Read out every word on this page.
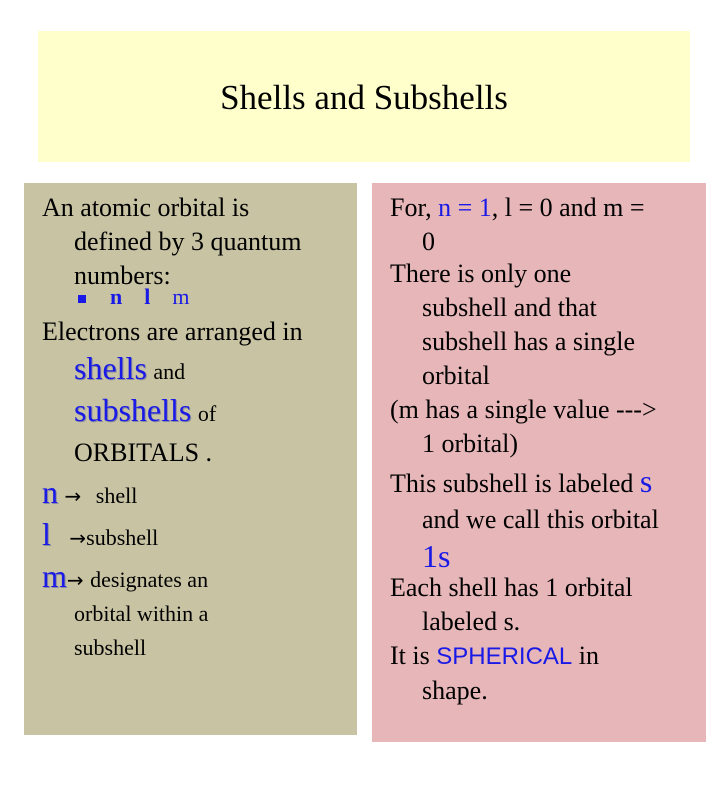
Shells and Subshells
An atomic orbital is
defined by 3 quantum
numbers:
n l m
Electrons are arranged in
shells and
subshells of
ORBITALS .
n → shell
l →subshell
m→ designates an
orbital within a
subshell
For, n = 1, l = 0 and m =
0
There is only one
subshell and that
subshell has a single
orbital
(m has a single value --->
1 orbital)
This subshell is labeled s
and we call this orbital
1s
Each shell has 1 orbital
labeled s.
It is SPHERICAL in
shape.
